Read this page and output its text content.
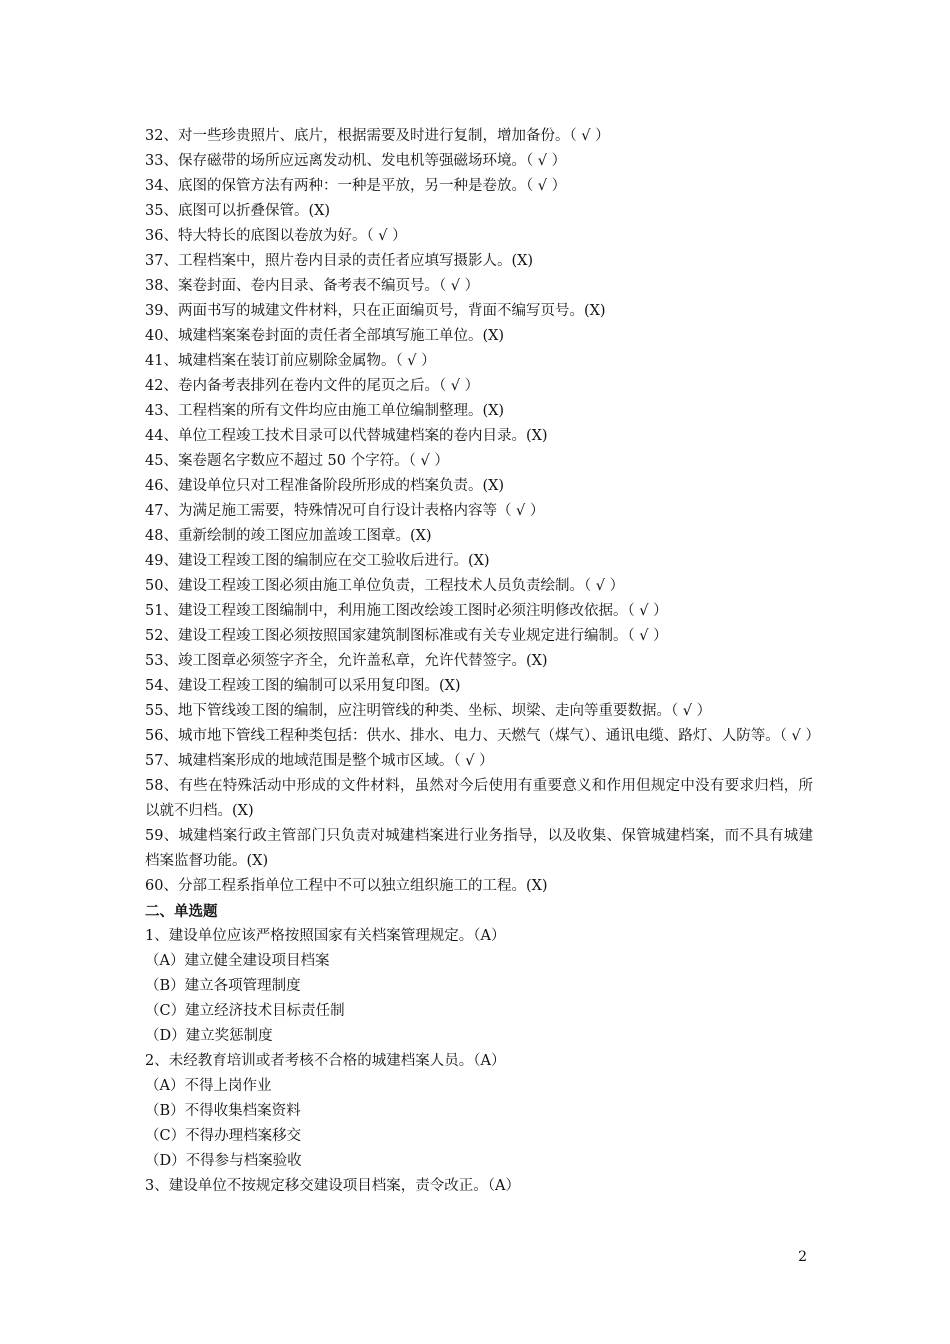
32、对一些珍贵照片、底片，根据需要及时进行复制，增加备份。（ √ ）
33、保存磁带的场所应远离发动机、发电机等强磁场环境。（ √ ）
34、底图的保管方法有两种：一种是平放，另一种是卷放。（ √ ）
35、底图可以折叠保管。(X)
36、特大特长的底图以卷放为好。（ √ ）
37、工程档案中，照片卷内目录的责任者应填写摄影人。(X)
38、案卷封面、卷内目录、备考表不编页号。（ √ ）
39、两面书写的城建文件材料，只在正面编页号，背面不编写页号。(X)
40、城建档案案卷封面的责任者全部填写施工单位。(X)
41、城建档案在装订前应剔除金属物。（ √ ）
42、卷内备考表排列在卷内文件的尾页之后。（ √ ）
43、工程档案的所有文件均应由施工单位编制整理。(X)
44、单位工程竣工技术目录可以代替城建档案的卷内目录。(X)
45、案卷题名字数应不超过 50 个字符。（ √ ）
46、建设单位只对工程准备阶段所形成的档案负责。(X)
47、为满足施工需要，特殊情况可自行设计表格内容等（ √ ）
48、重新绘制的竣工图应加盖竣工图章。(X)
49、建设工程竣工图的编制应在交工验收后进行。(X)
50、建设工程竣工图必须由施工单位负责，工程技术人员负责绘制。（ √ ）
51、建设工程竣工图编制中，利用施工图改绘竣工图时必须注明修改依据。（ √ ）
52、建设工程竣工图必须按照国家建筑制图标准或有关专业规定进行编制。（ √ ）
53、竣工图章必须签字齐全，允许盖私章，允许代替签字。(X)
54、建设工程竣工图的编制可以采用复印图。(X)
55、地下管线竣工图的编制，应注明管线的种类、坐标、坝梁、走向等重要数据。（ √ ）
56、城市地下管线工程种类包括：供水、排水、电力、天燃气（煤气）、通讯电缆、路灯、人防等。（ √ ）
57、城建档案形成的地域范围是整个城市区域。（ √ ）
58、有些在特殊活动中形成的文件材料，虽然对今后使用有重要意义和作用但规定中没有要求归档，所以就不归档。(X)
59、城建档案行政主管部门只负责对城建档案进行业务指导，以及收集、保管城建档案，而不具有城建档案监督功能。(X)
60、分部工程系指单位工程中不可以独立组织施工的工程。(X)
二、单选题
1、建设单位应该严格按照国家有关档案管理规定。（A）
（A）建立健全建设项目档案
（B）建立各项管理制度
（C）建立经济技术目标责任制
（D）建立奖惩制度
2、未经教育培训或者考核不合格的城建档案人员。（A）
（A）不得上岗作业
（B）不得收集档案资料
（C）不得办理档案移交
（D）不得参与档案验收
3、建设单位不按规定移交建设项目档案，责令改正。（A）
2
